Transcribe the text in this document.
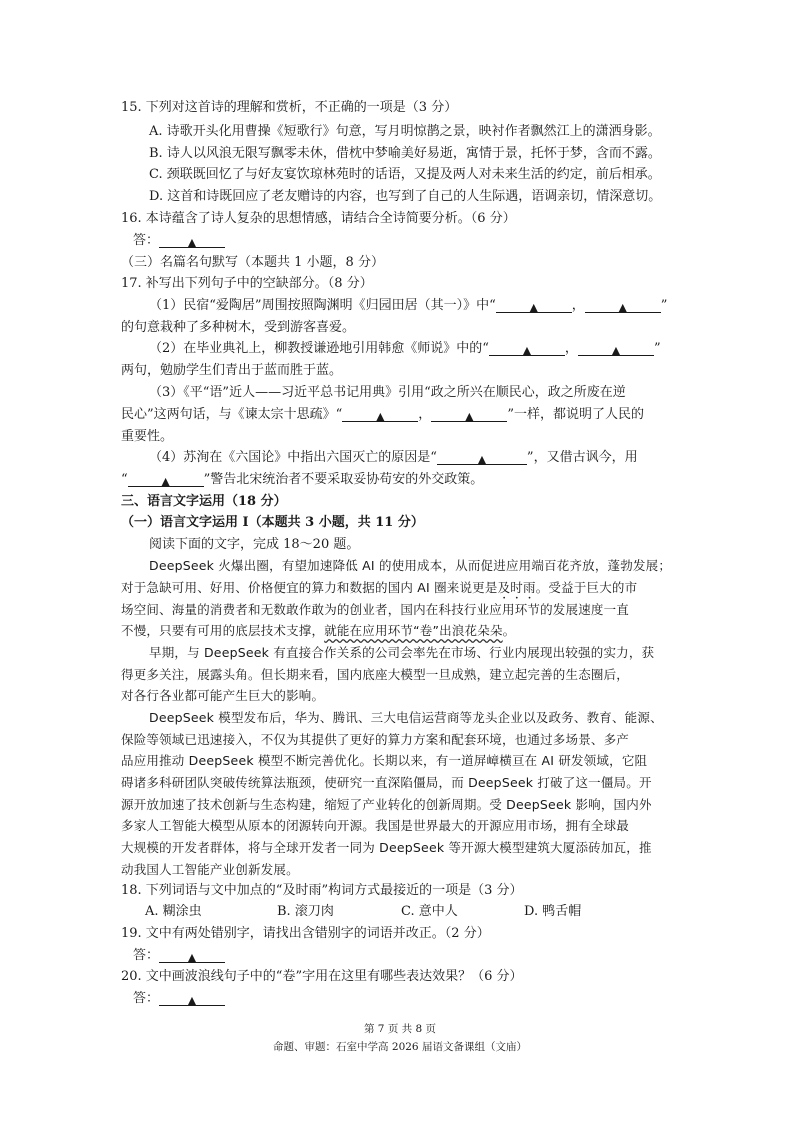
15. 下列对这首诗的理解和赏析，不正确的一项是（3 分）
A. 诗歌开头化用曹操《短歌行》句意，写月明惊鹊之景，映衬作者飘然江上的潇洒身影。
B. 诗人以风浪无限写飘零未休，借枕中梦喻美好易逝，寓情于景，托怀于梦，含而不露。
C. 颈联既回忆了与好友宴饮琼林苑时的话语，又提及两人对未来生活的约定，前后相承。
D. 这首和诗既回应了老友赠诗的内容，也写到了自己的人生际遇，语调亲切，情深意切。
16. 本诗蕴含了诗人复杂的思想情感，请结合全诗简要分析。（6 分）
答：	▲
（三）名篇名句默写（本题共 1 小题，8 分）
17. 补写出下列句子中的空缺部分。（8 分）
（1）民宿“爱陶居”周围按照陶渊明《归园田居（其一）》中“	▲	，	▲	”
的句意栽种了多种树木，受到游客喜爱。
（2）在毕业典礼上，柳教授谦逊地引用韩愈《师说》中的“	▲	，	▲	”
两句，勉励学生们青出于蓝而胜于蓝。
（3）《平“语”近人——习近平总书记用典》引用“政之所兴在顺民心，政之所废在逆
民心”这两句话，与《谏太宗十思疏》“	▲	，	▲	”一样，都说明了人民的
重要性。
（4）苏洵在《六国论》中指出六国灭亡的原因是“	▲	”，又借古讽今，用
“	▲	”警告北宋统治者不要采取妥协苟安的外交政策。
三、语言文字运用（18 分）
（一）语言文字运用 Ⅰ（本题共 3 小题，共 11 分）
阅读下面的文字，完成 18～20 题。
DeepSeek 火爆出圈，有望加速降低 AI 的使用成本，从而促进应用端百花齐放，蓬勃发展；
对于急缺可用、好用、价格便宜的算力和数据的国内 AI 圈来说更是及时雨。受益于巨大的市
场空间、海量的消费者和无数敢作敢为的创业者，国内在科技行业应用环节的发展速度一直
不慢，只要有可用的底层技术支撑，就能在应用环节“卷”出浪花朵朵。
早期，与 DeepSeek 有直接合作关系的公司会率先在市场、行业内展现出较强的实力，获
得更多关注，展露头角。但长期来看，国内底座大模型一旦成熟，建立起完善的生态圈后，
对各行各业都可能产生巨大的影响。
DeepSeek 模型发布后，华为、腾讯、三大电信运营商等龙头企业以及政务、教育、能源、
保险等领域已迅速接入，不仅为其提供了更好的算力方案和配套环境，也通过多场景、多产
品应用推动 DeepSeek 模型不断完善优化。长期以来，有一道屏嶂横亘在 AI 研发领域，它阻
碍诸多科研团队突破传统算法瓶颈，使研究一直深陷僵局，而 DeepSeek 打破了这一僵局。开
源开放加速了技术创新与生态构建，缩短了产业转化的创新周期。受 DeepSeek 影响，国内外
多家人工智能大模型从原本的闭源转向开源。我国是世界最大的开源应用市场，拥有全球最
大规模的开发者群体，将与全球开发者一同为 DeepSeek 等开源大模型建筑大厦添砖加瓦，推
动我国人工智能产业创新发展。
18. 下列词语与文中加点的“及时雨”构词方式最接近的一项是（3 分）
A. 糊涂虫	B. 滚刀肉	C. 意中人	D. 鸭舌帽
19. 文中有两处错别字，请找出含错别字的词语并改正。（2 分）
答：	▲
20. 文中画波浪线句子中的“卷”字用在这里有哪些表达效果？（6 分）
答：	▲
第 7 页 共 8 页
命题、审题：石室中学高 2026 届语文备课组（文庙）
